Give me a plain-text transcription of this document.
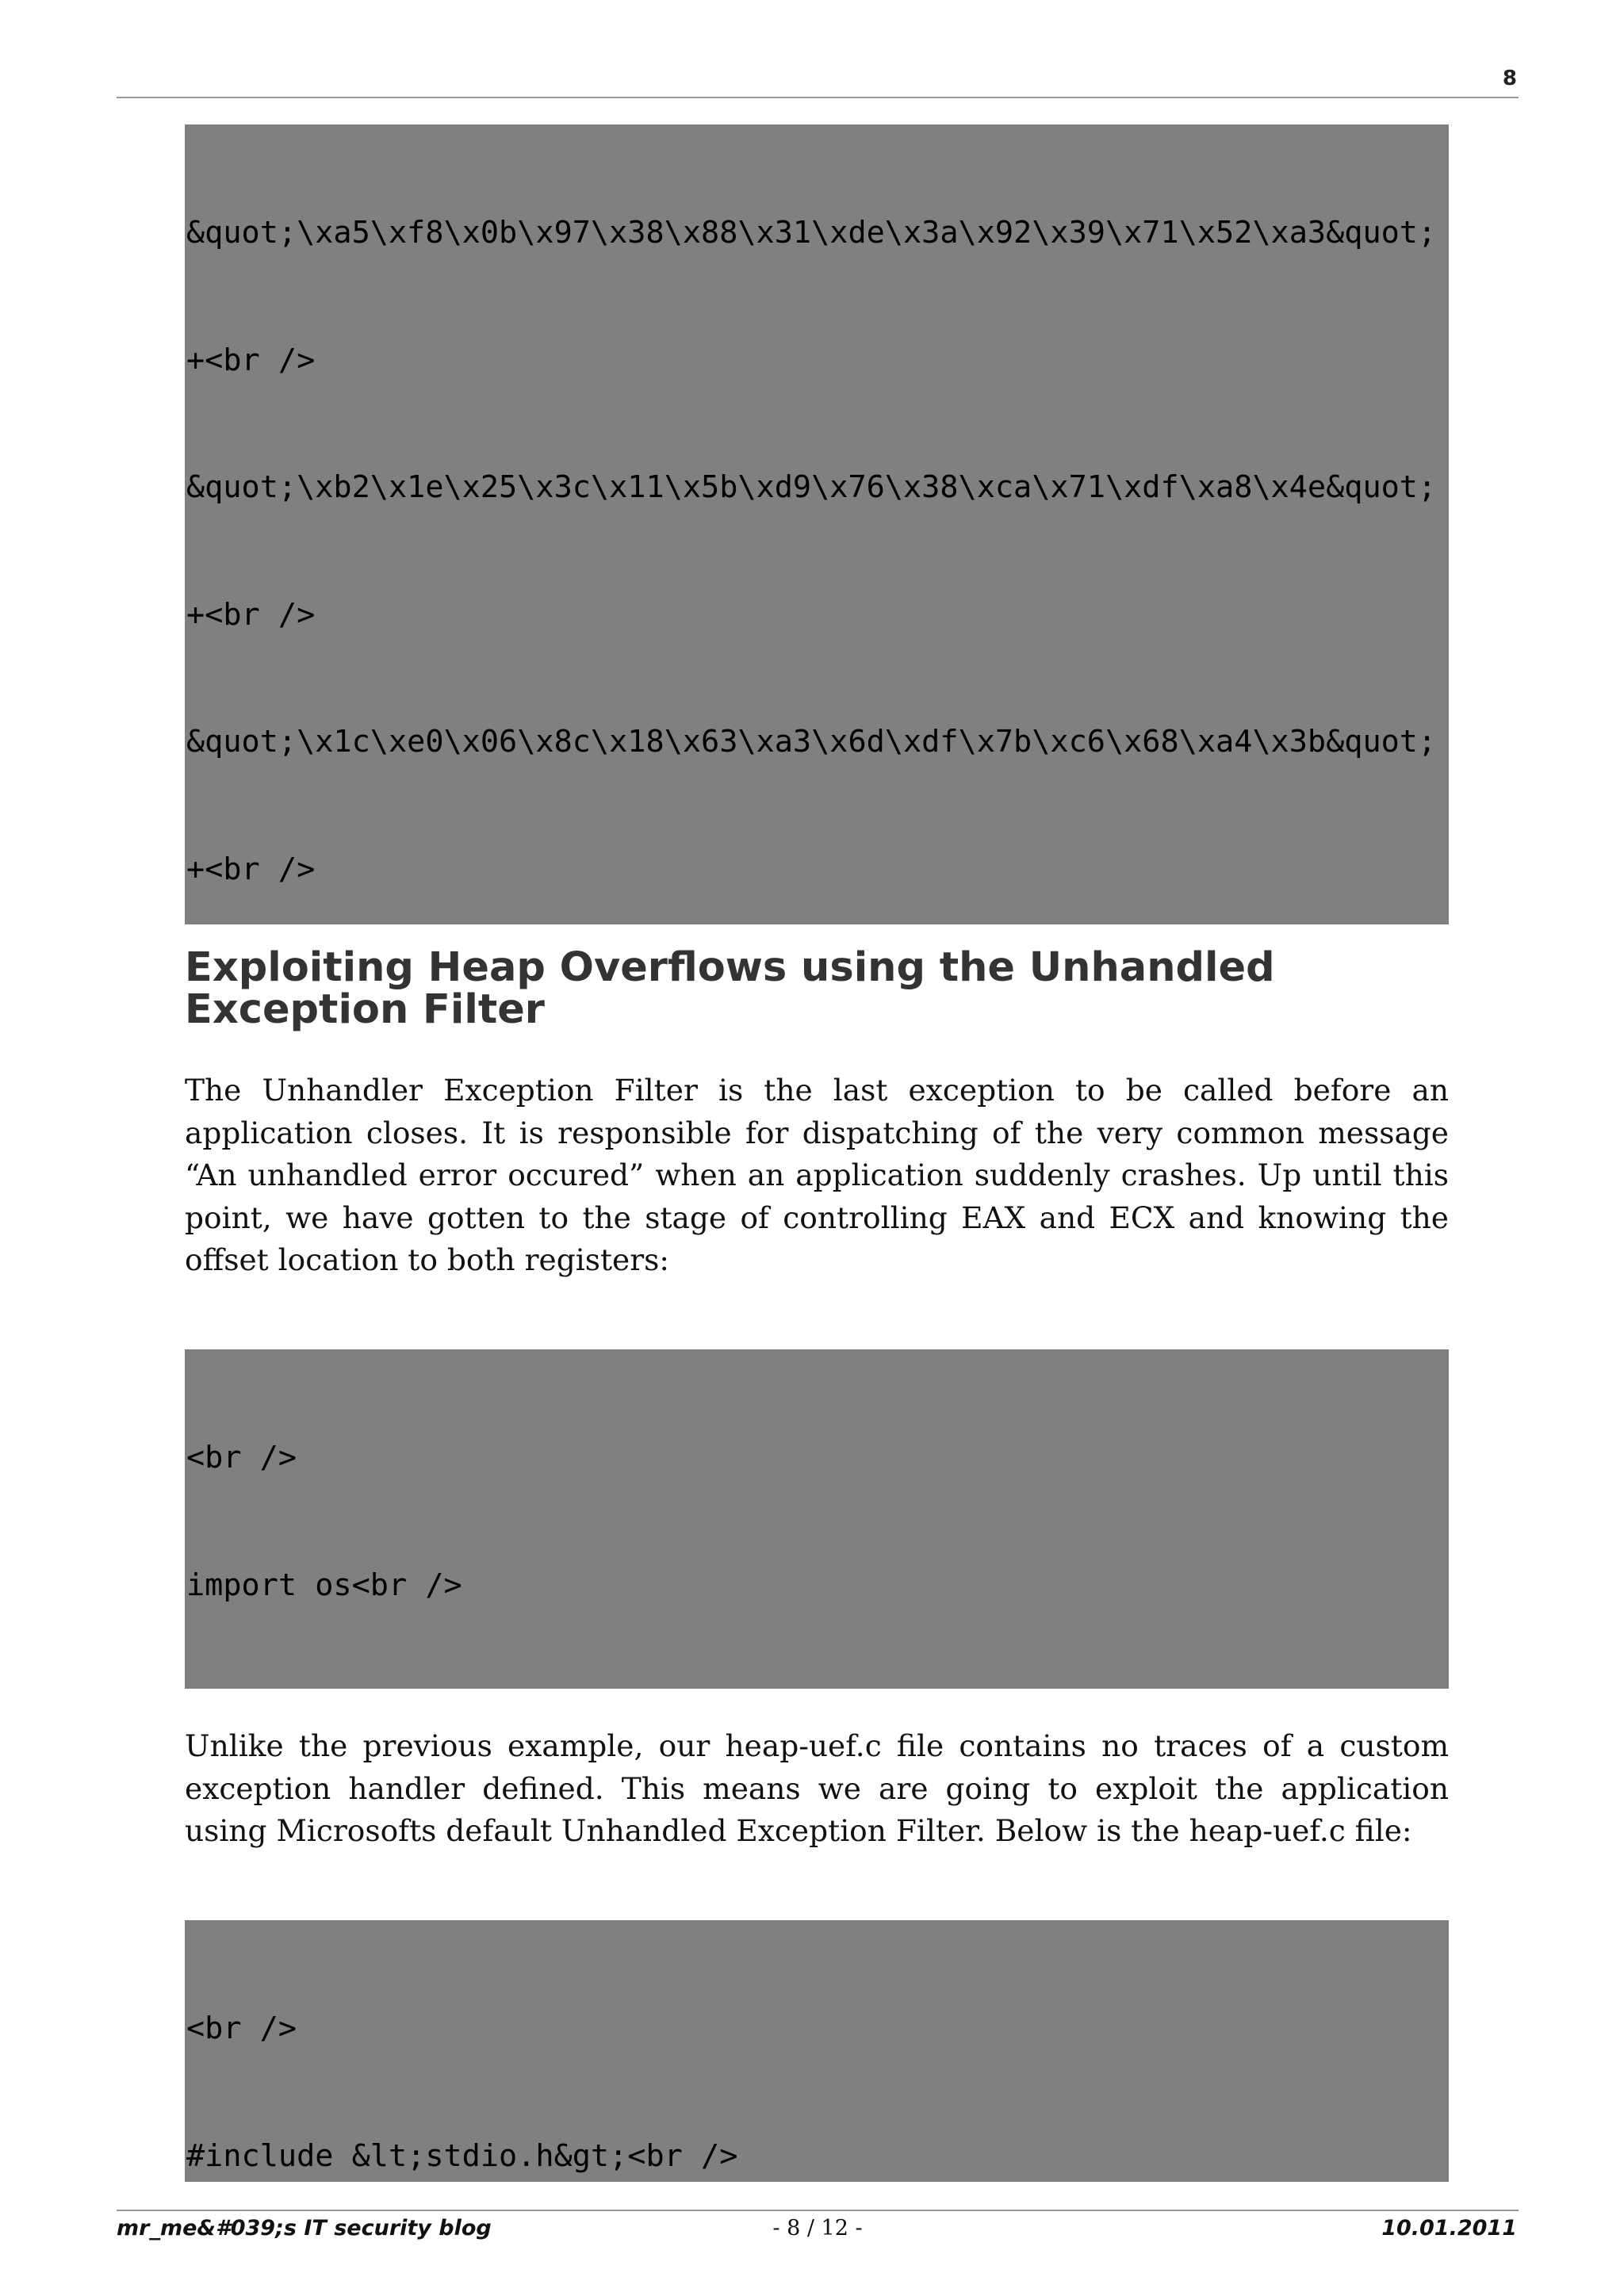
8

&quot;\xa5\xf8\x0b\x97\x38\x88\x31\xde\x3a\x92\x39\x71\x52\xa3&quot;

+<br />

&quot;\xb2\x1e\x25\x3c\x11\x5b\xd9\x76\x38\xca\x71\xdf\xa8\x4e&quot;

+<br />

&quot;\x1c\xe0\x06\x8c\x18\x63\xa3\x6d\xdf\x7b\xc6\x68\xa4\x3b&quot;

+<br />

Exploiting Heap Overflows using the Unhandled Exception Filter

The Unhandler Exception Filter is the last exception to be called before an application closes. It is responsible for dispatching of the very common message “An unhandled error occured” when an application suddenly crashes. Up until this point, we have gotten to the stage of controlling EAX and ECX and knowing the offset location to both registers:

<br />

import os<br />

Unlike the previous example, our heap-uef.c file contains no traces of a custom exception handler defined. This means we are going to exploit the application using Microsofts default Unhandled Exception Filter. Below is the heap-uef.c file:

<br />

#include &lt;stdio.h&gt;<br />

mr_me&#039;s IT security blog	- 8 / 12 -	10.01.2011
